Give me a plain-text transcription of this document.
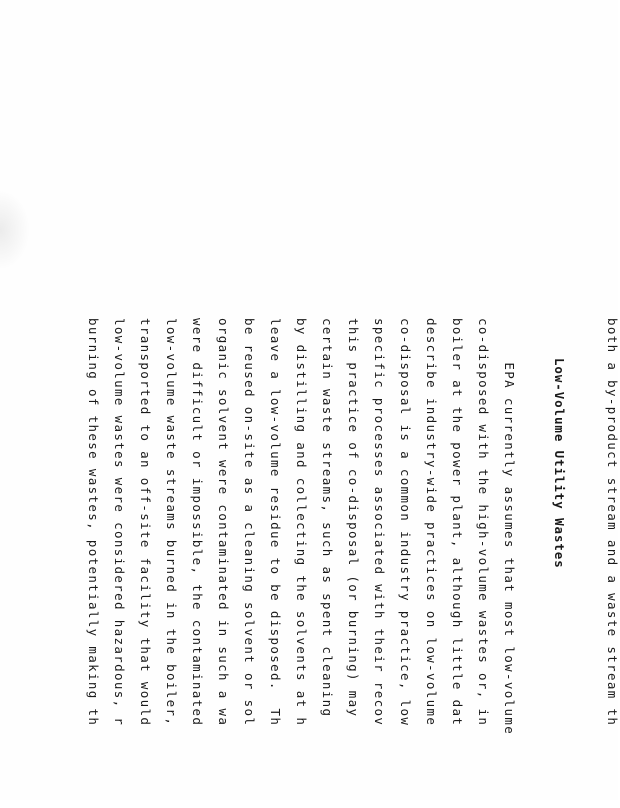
both a by-product stream and a waste stream th
Low-Volume Utility Wastes
EPA currently assumes that most low-volume
co-disposed with the high-volume wastes or, in
boiler at the power plant, although little dat
describe industry-wide practices on low-volume
co-disposal is a common industry practice, low
specific processes associated with their recov
this practice of co-disposal (or burning) may
certain waste streams, such as spent cleaning
by distilling and collecting the solvents at h
leave a low-volume residue to be disposed.  Th
be reused on-site as a cleaning solvent or sol
organic solvent were contaminated in such a wa
were difficult or impossible, the contaminated
low-volume waste streams burned in the boiler,
transported to an off-site facility that would
low-volume wastes were considered hazardous, r
burning of these wastes, potentially making th
